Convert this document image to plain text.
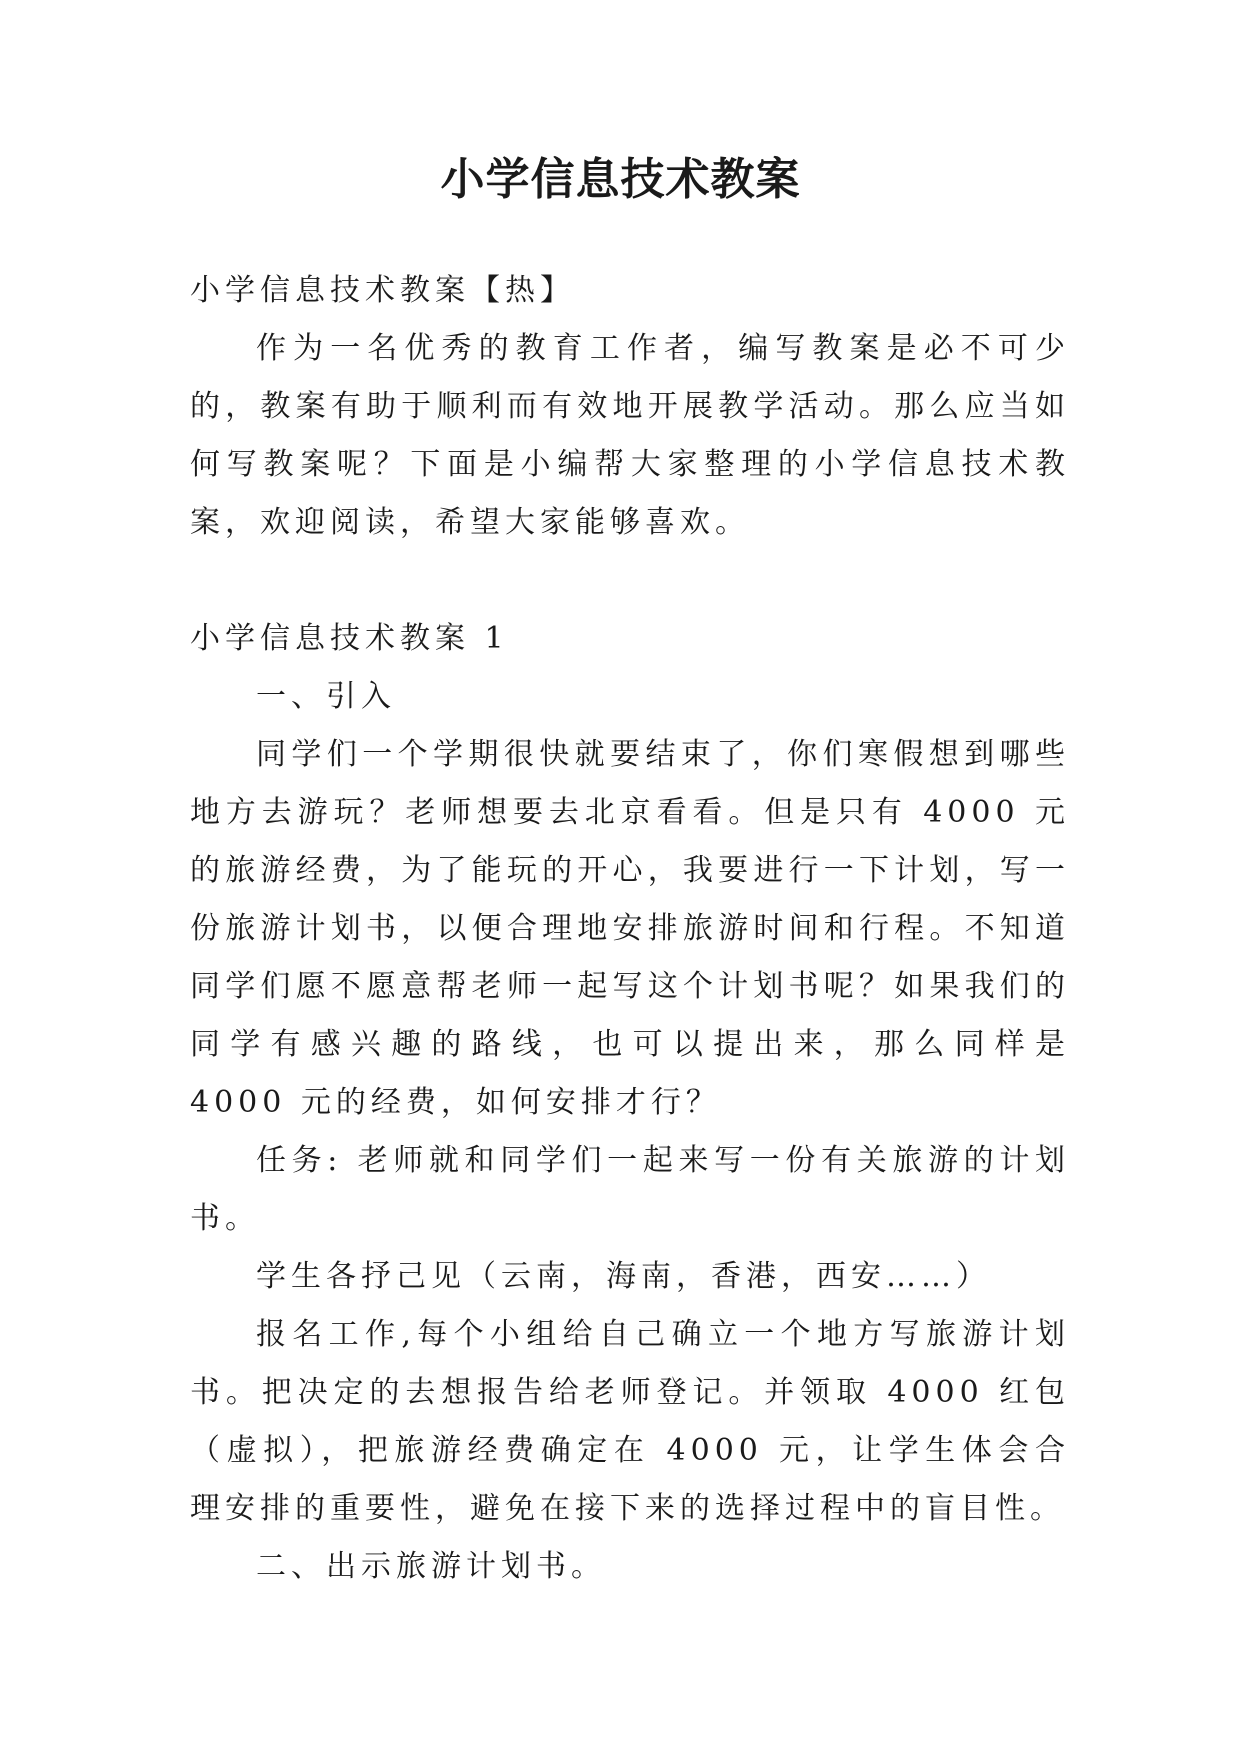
小学信息技术教案

小学信息技术教案【热】

作为一名优秀的教育工作者，编写教案是必不可少的，教案有助于顺利而有效地开展教学活动。那么应当如何写教案呢？下面是小编帮大家整理的小学信息技术教案，欢迎阅读，希望大家能够喜欢。

小学信息技术教案 1

一、引入

同学们一个学期很快就要结束了，你们寒假想到哪些地方去游玩？老师想要去北京看看。但是只有 4000 元的旅游经费，为了能玩的开心，我要进行一下计划，写一份旅游计划书，以便合理地安排旅游时间和行程。不知道同学们愿不愿意帮老师一起写这个计划书呢？如果我们的同学有感兴趣的路线，也可以提出来，那么同样是 4000 元的经费，如何安排才行？

任务: 老师就和同学们一起来写一份有关旅游的计划书。

学生各抒己见（云南，海南，香港，西安……）

报名工作,每个小组给自己确立一个地方写旅游计划书。把决定的去想报告给老师登记。并领取 4000 红包（虚拟），把旅游经费确定在 4000 元，让学生体会合理安排的重要性，避免在接下来的选择过程中的盲目性。

二、出示旅游计划书。
